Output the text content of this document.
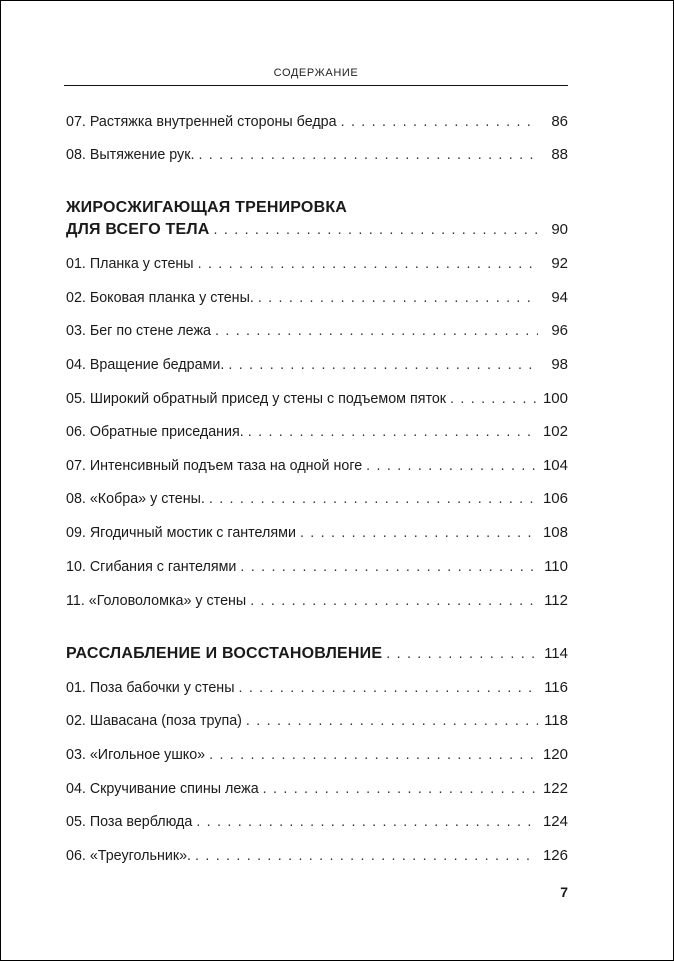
СОДЕРЖАНИЕ
07. Растяжка внутренней стороны бедра . . .	86
08. Вытяжение рук. . . .	88
ЖИРОСЖИГАЮЩАЯ ТРЕНИРОВКА
ДЛЯ ВСЕГО ТЕЛА . . .	90
01. Планка у стены . . .	92
02. Боковая планка у стены. . . .	94
03. Бег по стене лежа . . .	96
04. Вращение бедрами. . . .	98
05. Широкий обратный присед у стены с подъемом пяток . . .	100
06. Обратные приседания. . . .	102
07. Интенсивный подъем таза на одной ноге . . .	104
08. «Кобра» у стены. . . .	106
09. Ягодичный мостик с гантелями . . .	108
10. Сгибания с гантелями . . .	110
11. «Головоломка» у стены . . .	112
РАССЛАБЛЕНИЕ И ВОССТАНОВЛЕНИЕ . . .	114
01. Поза бабочки у стены . . .	116
02. Шавасана (поза трупа) . . .	118
03. «Игольное ушко» . . .	120
04. Скручивание спины лежа . . .	122
05. Поза верблюда . . .	124
06. «Треугольник». . . .	126
7
